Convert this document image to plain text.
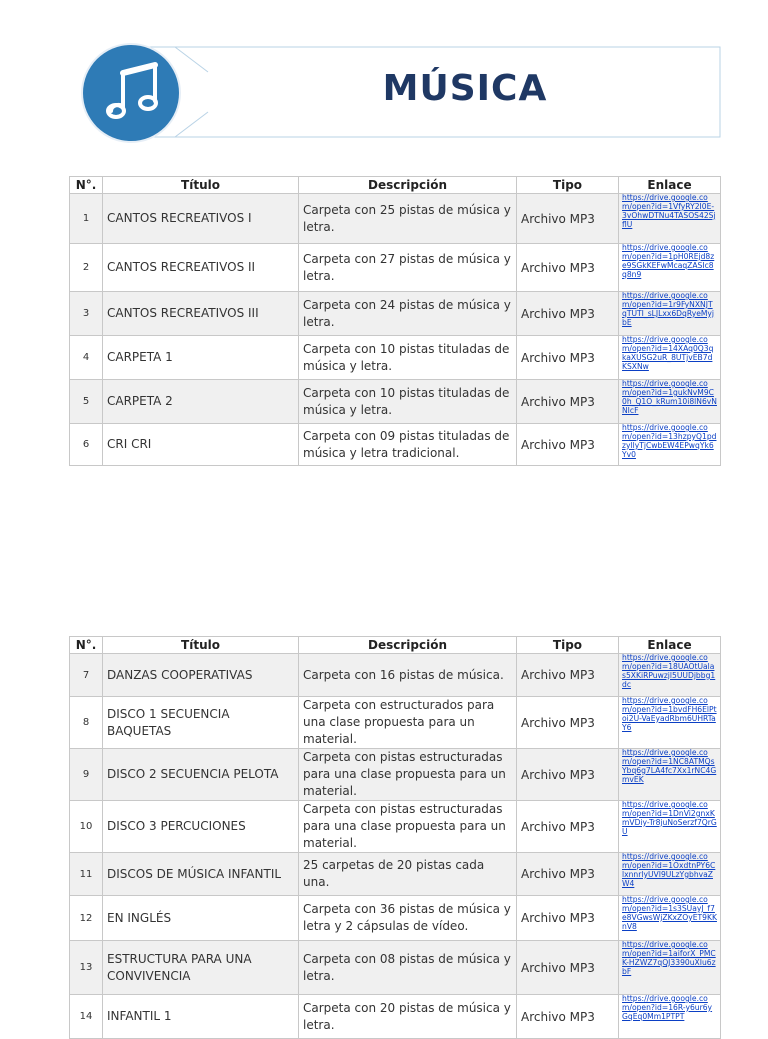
MÚSICA
N°.	Título	Descripción	Tipo	Enlace
1	CANTOS RECREATIVOS I	Carpeta con 25 pistas de música y letra.	Archivo MP3	https://drive.google.com/open?id=1VfyRY2I0E-3vOhwDTNu4TASOS42SjflU

2	CANTOS RECREATIVOS II	Carpeta con 27 pistas de música y letra.	Archivo MP3	https://drive.google.com/open?id=1pH0REjd8ze9SGkKEFwMcaqZASIc8q8n9

3	CANTOS RECREATIVOS III	Carpeta con 24 pistas de música y letra.	Archivo MP3	https://drive.google.com/open?id=1r9FyNXNJTqTUTI_sLJLxx6DqRyeMyjbE

4	CARPETA 1	Carpeta con 10 pistas tituladas de música y letra.	Archivo MP3	https://drive.google.com/open?id=14XAq0Q3qkaXUSG2uR_8UTjvEB7dKSXNw

5	CARPETA 2	Carpeta con 10 pistas tituladas de música y letra.	Archivo MP3	https://drive.google.com/open?id=1gukNvM9C0h_Q1O_kRum10i8lN6vNNIcF

6	CRI CRI	Carpeta con 09 pistas tituladas de música y letra tradicional.	Archivo MP3	https://drive.google.com/open?id=13hzpyQ1pdzyllyTjCwbEW4EPwqYk6Yv0
N°.	Título	Descripción	Tipo	Enlace
7	DANZAS COOPERATIVAS	Carpeta con 16 pistas de música.	Archivo MP3	https://drive.google.com/open?id=18UAOtUalas5XKiRPuwzjl5UUDjbbg1dc

8	DISCO 1 SECUENCIA BAQUETAS	Carpeta con estructurados para una clase propuesta para un material.	Archivo MP3	https://drive.google.com/open?id=1bvdFH6ElPtoi2U-VaEyadRbm6UHRTaY6

9	DISCO 2 SECUENCIA PELOTA	Carpeta con pistas estructuradas para una clase propuesta para un material.	Archivo MP3	https://drive.google.com/open?id=1NC8ATMQsYbq6g7LA4fc7Xx1rNC4GmvEK

10	DISCO 3 PERCUCIONES	Carpeta con pistas estructuradas para una clase propuesta para un material.	Archivo MP3	https://drive.google.com/open?id=1DnVi2gnxKmVDiy-Tr8juNoSerzf7QrGU

11	DISCOS DE MÚSICA INFANTIL	25 carpetas de 20 pistas cada una.	Archivo MP3	https://drive.google.com/open?id=1OxdtnPY6ClxnnrlyUVI9ULzYgbhvaZW4

12	EN INGLÉS	Carpeta con 36 pistas de música y letra y 2 cápsulas de vídeo.	Archivo MP3	https://drive.google.com/open?id=1s3SUayJ_f7e8VGwsWjZKxZOyET9KKnV8

13	ESTRUCTURA PARA UNA CONVIVENCIA	Carpeta con 08 pistas de música y letra.	Archivo MP3	https://drive.google.com/open?id=1aiforX_PMCK-HZWZ7qQJ3390uXIu6zbF

14	INFANTIL 1	Carpeta con 20 pistas de música y letra.	Archivo MP3	https://drive.google.com/open?id=16R-y6ur6yGqEq0Mm1PTPT
